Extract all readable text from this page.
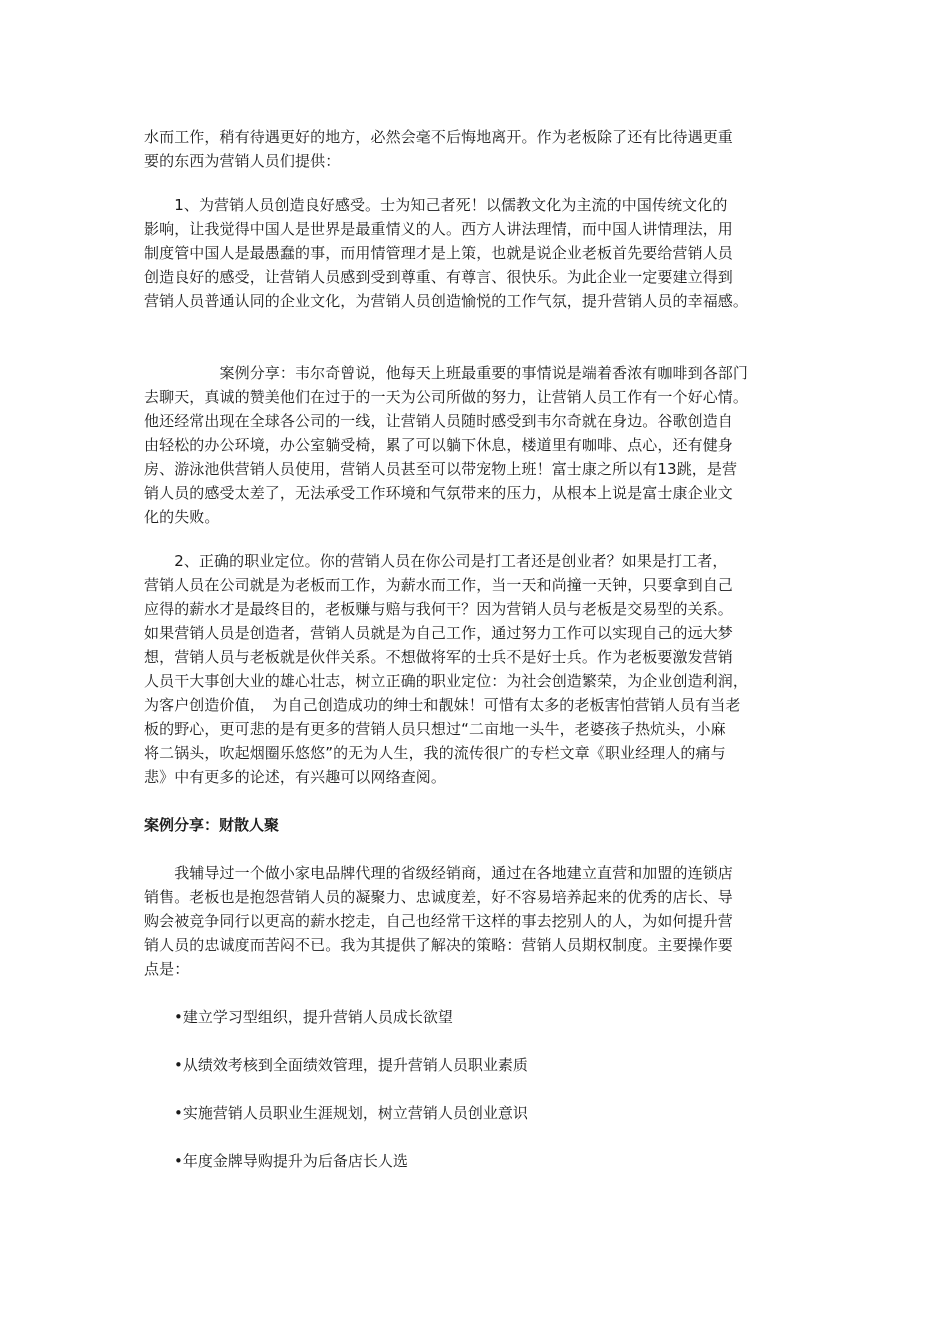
水而工作，稍有待遇更好的地方，必然会毫不后悔地离开。作为老板除了还有比待遇更重
要的东西为营销人员们提供：
　　1、为营销人员创造良好感受。士为知己者死！以儒教文化为主流的中国传统文化的
影响，让我觉得中国人是世界是最重情义的人。西方人讲法理情，而中国人讲情理法，用
制度管中国人是最愚蠢的事，而用情管理才是上策，也就是说企业老板首先要给营销人员
创造良好的感受，让营销人员感到受到尊重、有尊言、很快乐。为此企业一定要建立得到
营销人员普通认同的企业文化，为营销人员创造愉悦的工作气氛，提升营销人员的幸福感。
　　　　　案例分享：韦尔奇曾说，他每天上班最重要的事情说是端着香浓有咖啡到各部门
去聊天，真诚的赞美他们在过于的一天为公司所做的努力，让营销人员工作有一个好心情。
他还经常出现在全球各公司的一线，让营销人员随时感受到韦尔奇就在身边。谷歌创造自
由轻松的办公环境，办公室躺受椅，累了可以躺下休息，楼道里有咖啡、点心，还有健身
房、游泳池供营销人员使用，营销人员甚至可以带宠物上班！富士康之所以有13跳，是营
销人员的感受太差了，无法承受工作环境和气氛带来的压力，从根本上说是富士康企业文
化的失败。
　　2、正确的职业定位。你的营销人员在你公司是打工者还是创业者？如果是打工者，
营销人员在公司就是为老板而工作，为薪水而工作，当一天和尚撞一天钟，只要拿到自己
应得的薪水才是最终目的，老板赚与赔与我何干？因为营销人员与老板是交易型的关系。
如果营销人员是创造者，营销人员就是为自己工作，通过努力工作可以实现自己的远大梦
想，营销人员与老板就是伙伴关系。不想做将军的士兵不是好士兵。作为老板要激发营销
人员干大事创大业的雄心壮志，树立正确的职业定位：为社会创造繁荣，为企业创造利润，
为客户创造价值，　为自己创造成功的绅士和靓妹！可惜有太多的老板害怕营销人员有当老
板的野心，更可悲的是有更多的营销人员只想过“二亩地一头牛，老婆孩子热炕头，小麻
将二锅头，吹起烟圈乐悠悠”的无为人生，我的流传很广的专栏文章《职业经理人的痛与
悲》中有更多的论述，有兴趣可以网络查阅。
案例分享：财散人聚
　　我辅导过一个做小家电品牌代理的省级经销商，通过在各地建立直营和加盟的连锁店
销售。老板也是抱怨营销人员的凝聚力、忠诚度差，好不容易培养起来的优秀的店长、导
购会被竞争同行以更高的薪水挖走，自己也经常干这样的事去挖别人的人，为如何提升营
销人员的忠诚度而苦闷不已。我为其提供了解决的策略：营销人员期权制度。主要操作要
点是：
　　•建立学习型组织，提升营销人员成长欲望
　　•从绩效考核到全面绩效管理，提升营销人员职业素质
　　•实施营销人员职业生涯规划，树立营销人员创业意识
　　•年度金牌导购提升为后备店长人选
